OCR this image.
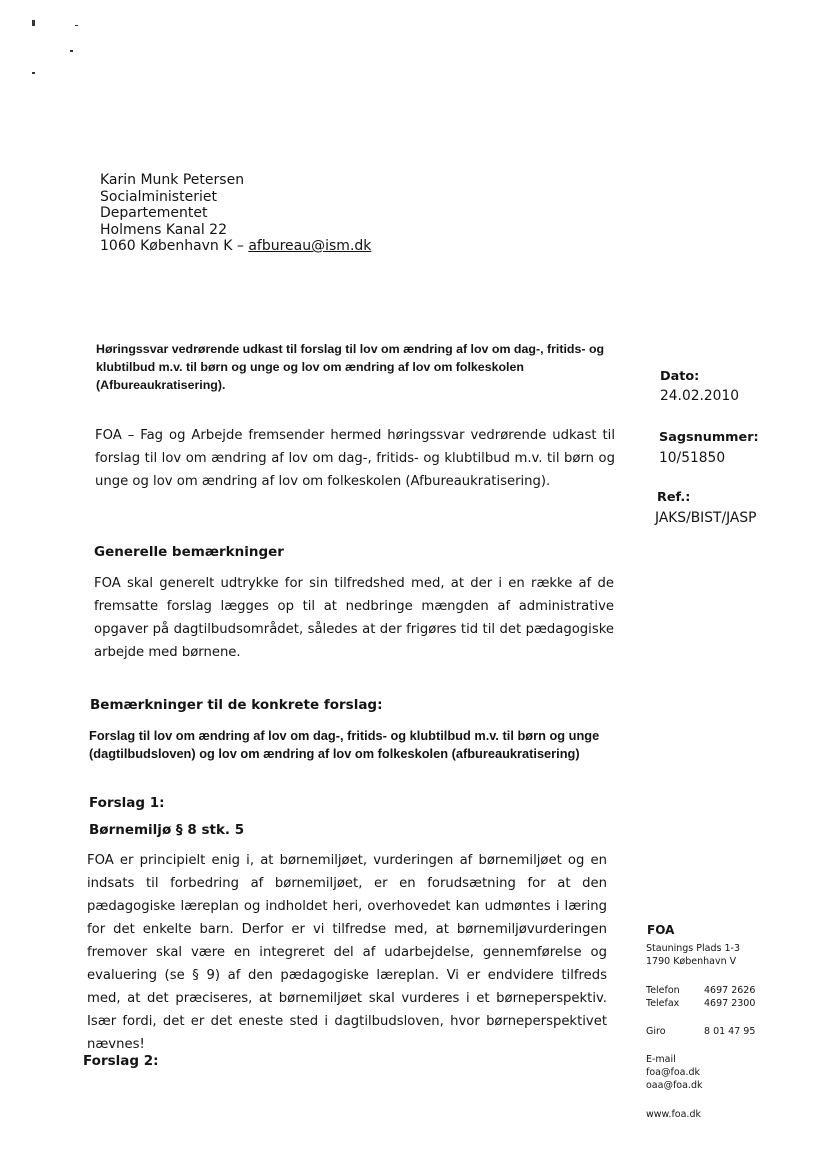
Karin Munk Petersen
Socialministeriet
Departementet
Holmens Kanal 22
1060 København K – afbureau@ism.dk
Høringssvar vedrørende udkast til forslag til lov om ændring af lov om dag-, fritids- og klubtilbud m.v. til børn og unge og lov om ændring af lov om folkeskolen (Afbureaukratisering).
FOA – Fag og Arbejde fremsender hermed høringssvar vedrørende udkast til forslag til lov om ændring af lov om dag-, fritids- og klubtilbud m.v. til børn og unge og lov om ændring af lov om folkeskolen (Afbureaukratisering).
Generelle bemærkninger
FOA skal generelt udtrykke for sin tilfredshed med, at der i en række af de fremsatte forslag lægges op til at nedbringe mængden af administrative opgaver på dagtilbudsområdet, således at der frigøres tid til det pædagogiske arbejde med børnene.
Bemærkninger til de konkrete forslag:
Forslag til lov om ændring af lov om dag-, fritids- og klubtilbud m.v. til børn og unge (dagtilbudsloven) og lov om ændring af lov om folkeskolen (afbureaukratisering)
Forslag 1:
Børnemiljø § 8 stk. 5
FOA er principielt enig i, at børnemiljøet, vurderingen af børnemiljøet og en indsats til forbedring af børnemiljøet, er en forudsætning for at den pædagogiske læreplan og indholdet heri, overhovedet kan udmøntes i læring for det enkelte barn. Derfor er vi tilfredse med, at børnemiljøvurderingen fremover skal være en integreret del af udarbejdelse, gennemførelse og evaluering (se § 9) af den pædagogiske læreplan. Vi er endvidere tilfreds med, at det præciseres, at børnemiljøet skal vurderes i et børneperspektiv. Især fordi, det er det eneste sted i dagtilbudsloven, hvor børneperspektivet nævnes!
Forslag 2:
Dato:
24.02.2010
Sagsnummer:
10/51850
Ref.:
JAKS/BIST/JASP
FOA
Staunings Plads 1-3
1790 København V
Telefon	4697 2626
Telefax	4697 2300
Giro	8 01 47 95
E-mail
foa@foa.dk
oaa@foa.dk
www.foa.dk
